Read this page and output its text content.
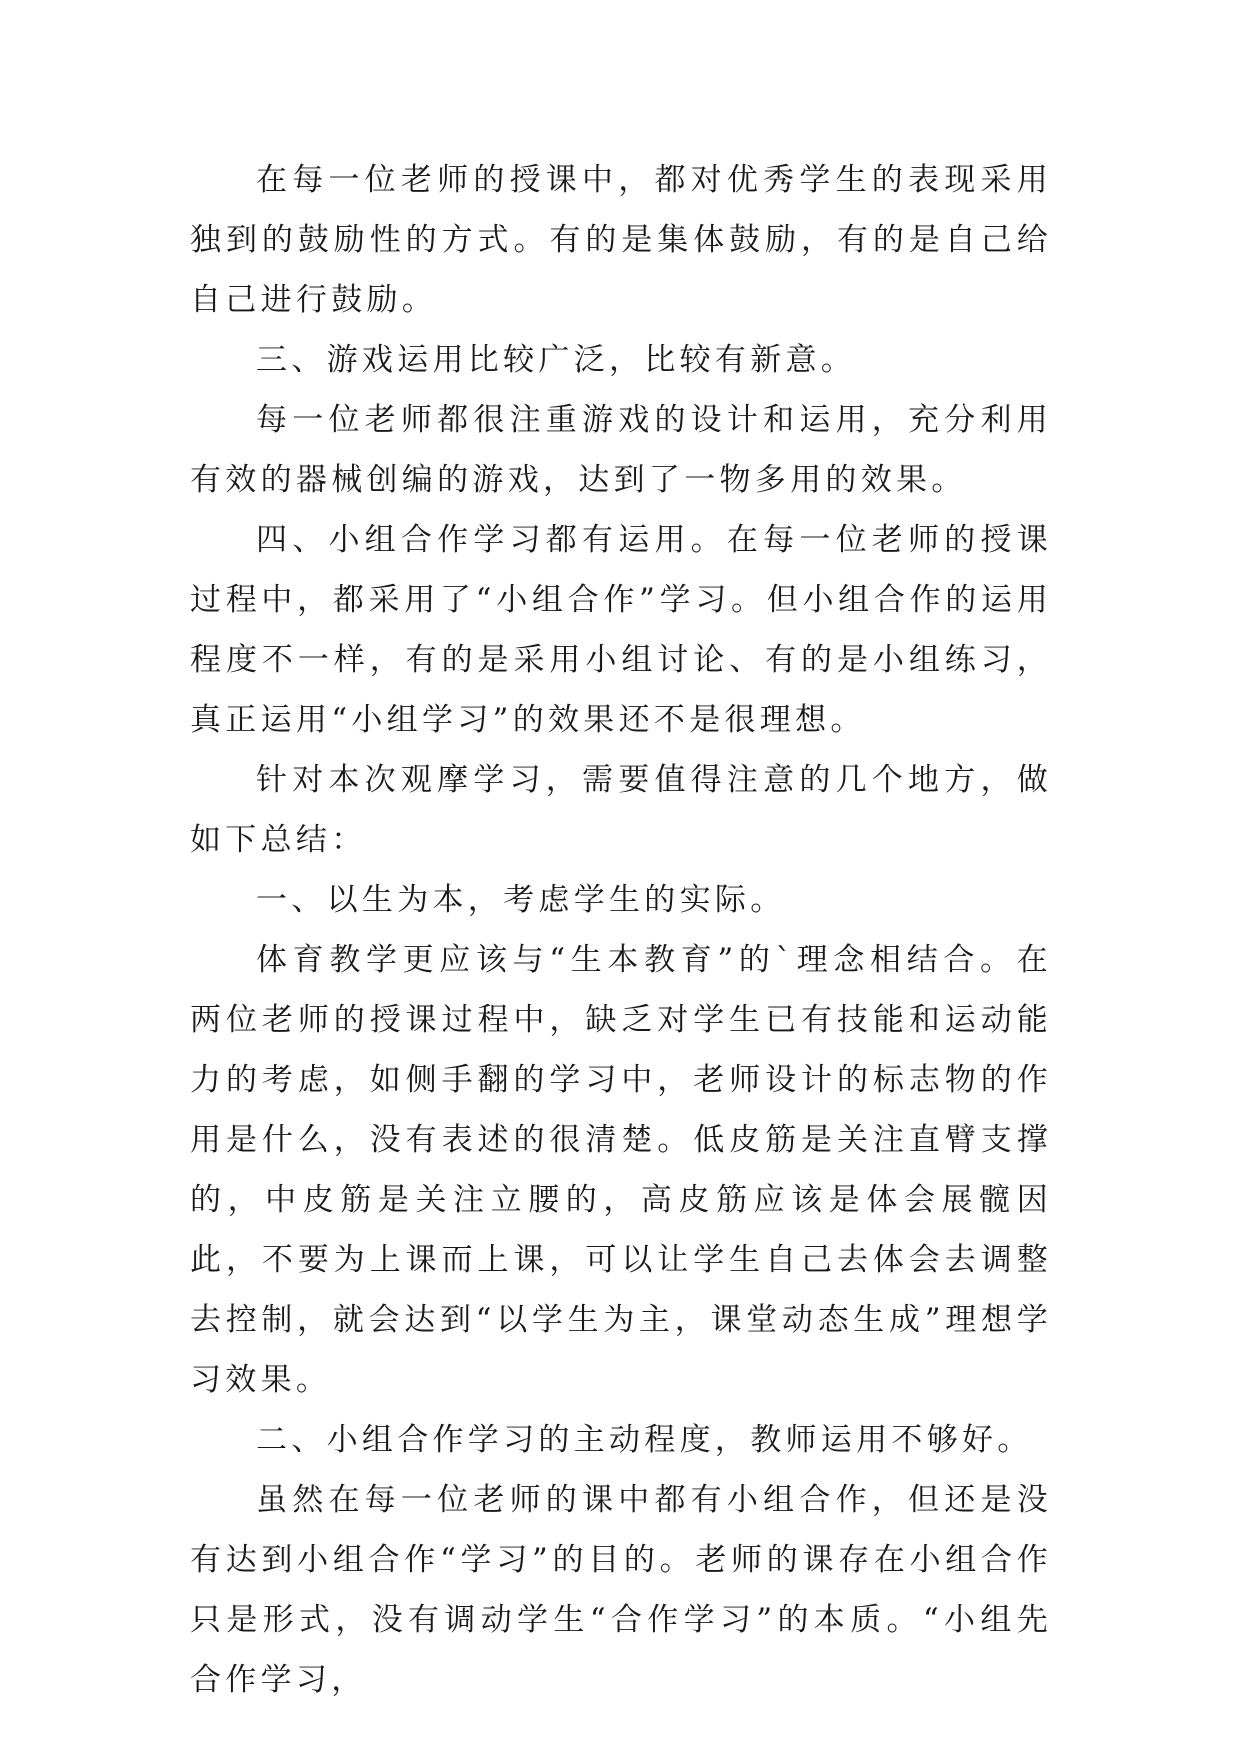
在每一位老师的授课中，都对优秀学生的表现采用独到的鼓励性的方式。有的是集体鼓励，有的是自己给自己进行鼓励。

三、游戏运用比较广泛，比较有新意。

每一位老师都很注重游戏的设计和运用，充分利用有效的器械创编的游戏，达到了一物多用的效果。

四、小组合作学习都有运用。在每一位老师的授课过程中，都采用了“小组合作”学习。但小组合作的运用程度不一样，有的是采用小组讨论、有的是小组练习，真正运用“小组学习”的效果还不是很理想。

针对本次观摩学习，需要值得注意的几个地方，做如下总结：

一、以生为本，考虑学生的实际。

体育教学更应该与“生本教育”的`理念相结合。在两位老师的授课过程中，缺乏对学生已有技能和运动能力的考虑，如侧手翻的学习中，老师设计的标志物的作用是什么，没有表述的很清楚。低皮筋是关注直臂支撑的，中皮筋是关注立腰的，高皮筋应该是体会展髋因此，不要为上课而上课，可以让学生自己去体会去调整去控制，就会达到“以学生为主，课堂动态生成”理想学习效果。

二、小组合作学习的主动程度，教师运用不够好。

虽然在每一位老师的课中都有小组合作，但还是没有达到小组合作“学习”的目的。老师的课存在小组合作只是形式，没有调动学生“合作学习”的本质。“小组先合作学习，
